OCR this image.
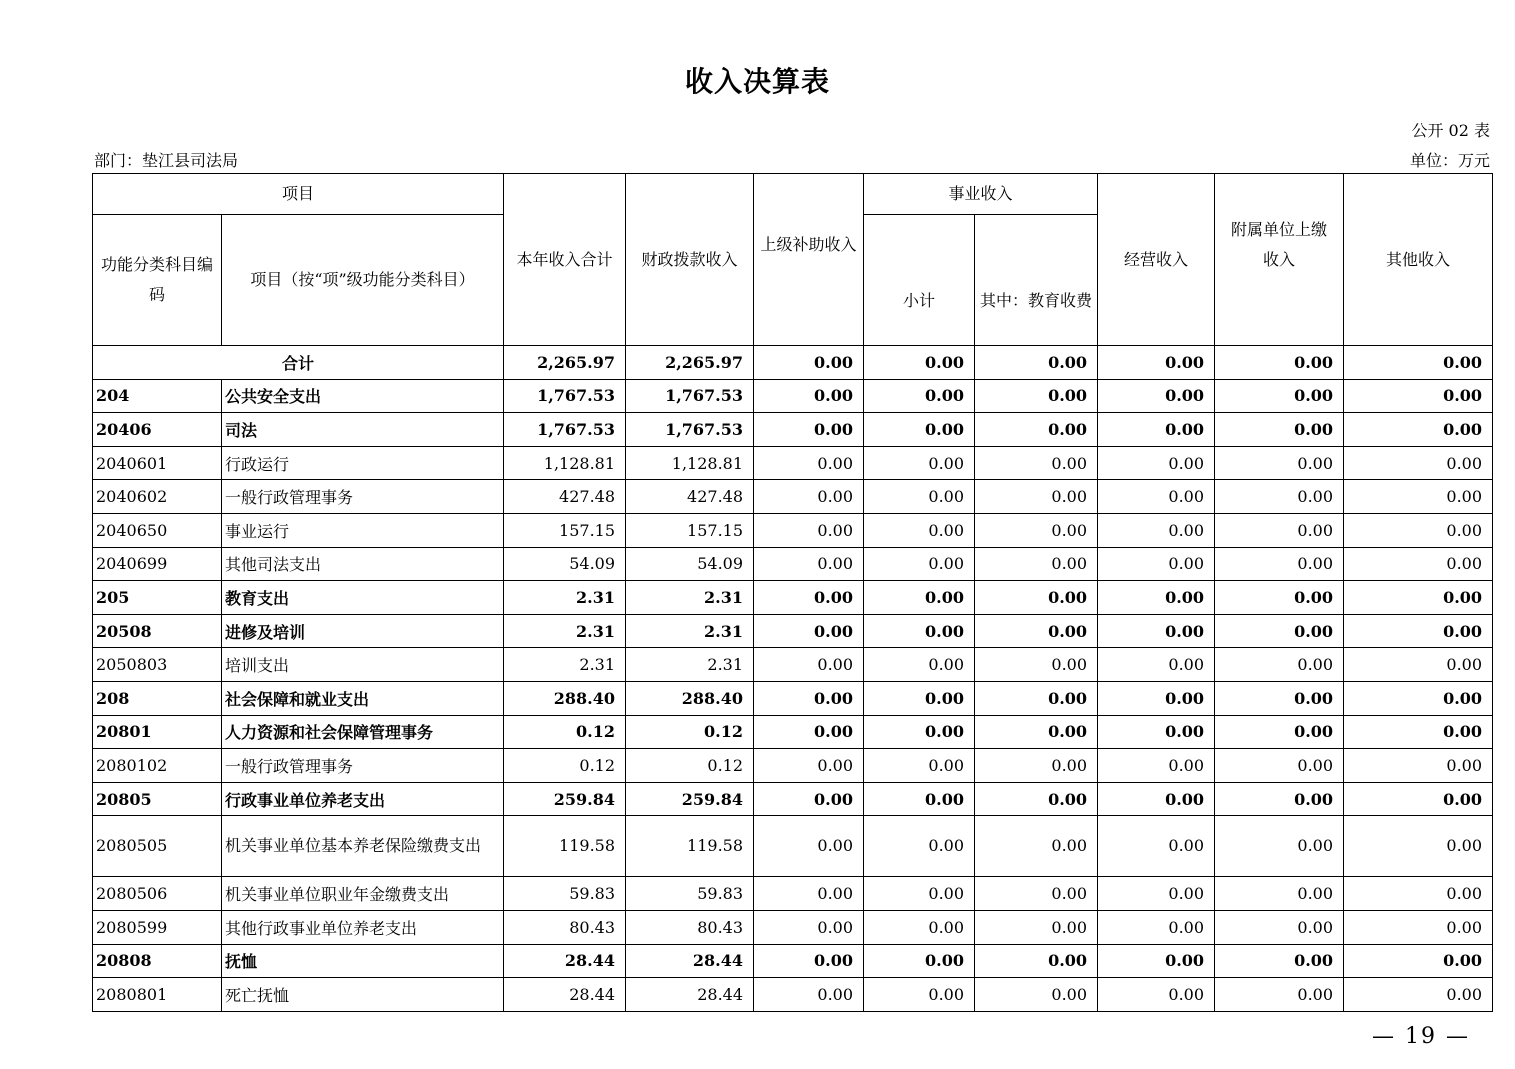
收入决算表
公开 02 表
部门：垫江县司法局	单位：万元
项目		本年收入合计	财政拨款收入	上级补助收入	事业收入		经营收入	附属单位上缴收入	其他收入
功能分类科目编码	项目（按“项”级功能分类科目）				小计	其中：教育收费			
合计		2,265.97	2,265.97	0.00	0.00	0.00	0.00	0.00	0.00
204	公共安全支出	1,767.53	1,767.53	0.00	0.00	0.00	0.00	0.00	0.00
20406	司法	1,767.53	1,767.53	0.00	0.00	0.00	0.00	0.00	0.00
2040601	行政运行	1,128.81	1,128.81	0.00	0.00	0.00	0.00	0.00	0.00
2040602	一般行政管理事务	427.48	427.48	0.00	0.00	0.00	0.00	0.00	0.00
2040650	事业运行	157.15	157.15	0.00	0.00	0.00	0.00	0.00	0.00
2040699	其他司法支出	54.09	54.09	0.00	0.00	0.00	0.00	0.00	0.00
205	教育支出	2.31	2.31	0.00	0.00	0.00	0.00	0.00	0.00
20508	进修及培训	2.31	2.31	0.00	0.00	0.00	0.00	0.00	0.00
2050803	培训支出	2.31	2.31	0.00	0.00	0.00	0.00	0.00	0.00
208	社会保障和就业支出	288.40	288.40	0.00	0.00	0.00	0.00	0.00	0.00
20801	人力资源和社会保障管理事务	0.12	0.12	0.00	0.00	0.00	0.00	0.00	0.00
2080102	一般行政管理事务	0.12	0.12	0.00	0.00	0.00	0.00	0.00	0.00
20805	行政事业单位养老支出	259.84	259.84	0.00	0.00	0.00	0.00	0.00	0.00
2080505	机关事业单位基本养老保险缴费支出	119.58	119.58	0.00	0.00	0.00	0.00	0.00	0.00
2080506	机关事业单位职业年金缴费支出	59.83	59.83	0.00	0.00	0.00	0.00	0.00	0.00
2080599	其他行政事业单位养老支出	80.43	80.43	0.00	0.00	0.00	0.00	0.00	0.00
20808	抚恤	28.44	28.44	0.00	0.00	0.00	0.00	0.00	0.00
2080801	死亡抚恤	28.44	28.44	0.00	0.00	0.00	0.00	0.00	0.00
— 19 —
